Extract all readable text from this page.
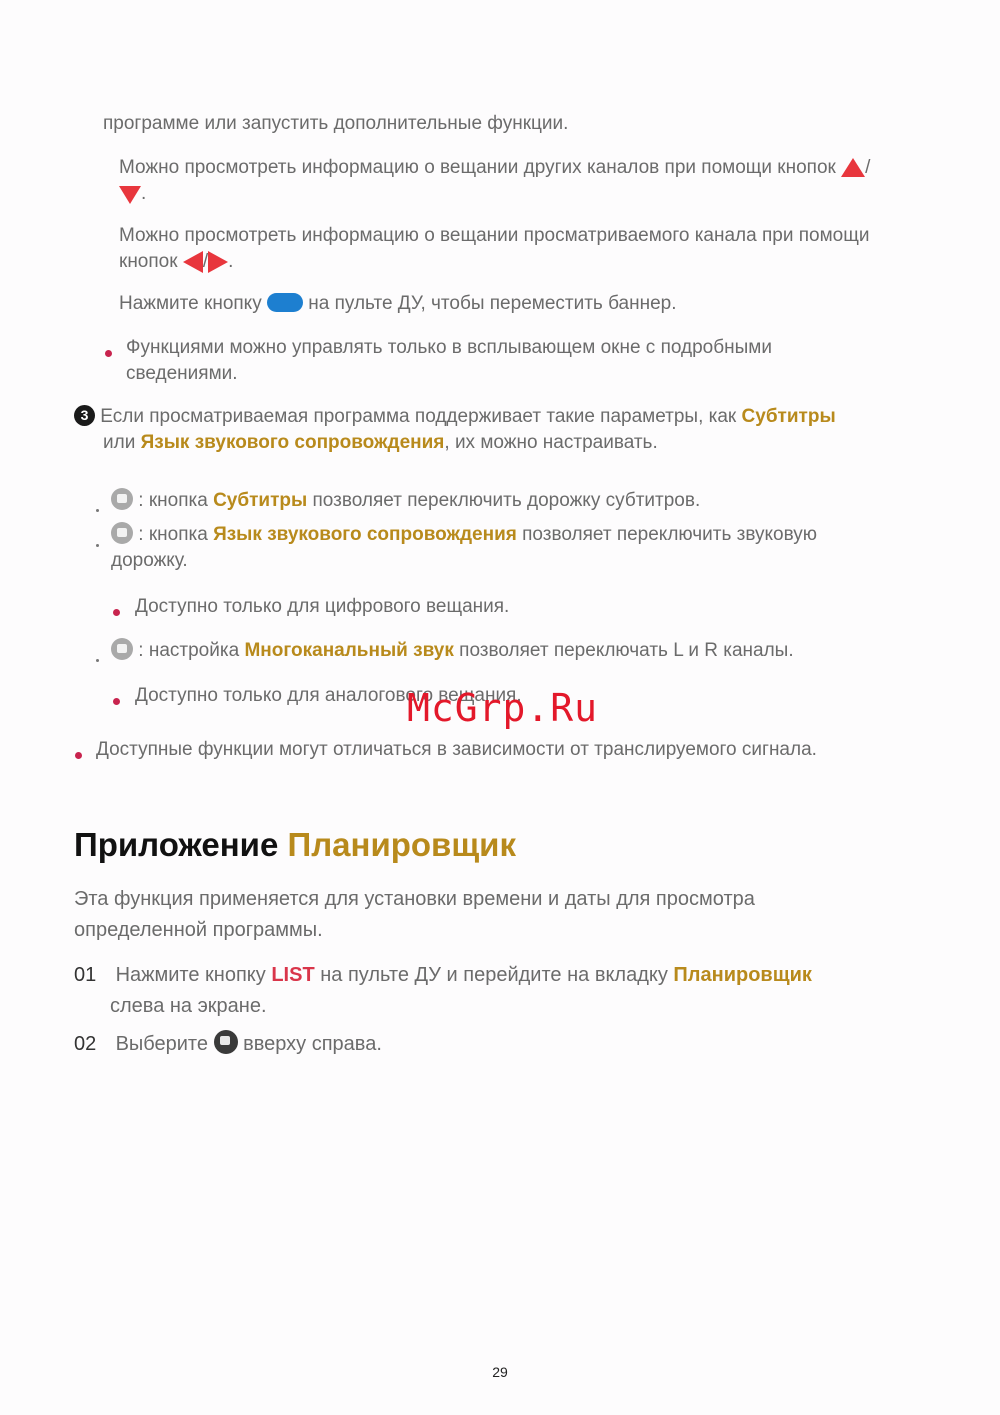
программе или запустить дополнительные функции.
Можно просмотреть информацию о вещании других каналов при помощи кнопок /
.
Можно просмотреть информацию о вещании просматриваемого канала при помощи
кнопок / .
Нажмите кнопку на пульте ДУ, чтобы переместить баннер.
Функциями можно управлять только в всплывающем окне с подробными
сведениями.
3 Если просматриваемая программа поддерживает такие параметры, как Субтитры
или Язык звукового сопровождения, их можно настраивать.
: кнопка Субтитры позволяет переключить дорожку субтитров.
: кнопка Язык звукового сопровождения позволяет переключить звуковую
дорожку.
Доступно только для цифрового вещания.
: настройка Многоканальный звук позволяет переключать L и R каналы.
Доступно только для аналогового вещания.
McGrp.Ru
Доступные функции могут отличаться в зависимости от транслируемого сигнала.
Приложение Планировщик
Эта функция применяется для установки времени и даты для просмотра
определенной программы.
01 Нажмите кнопку LIST на пульте ДУ и перейдите на вкладку Планировщик
слева на экране.
02 Выберите вверху справа.
29
